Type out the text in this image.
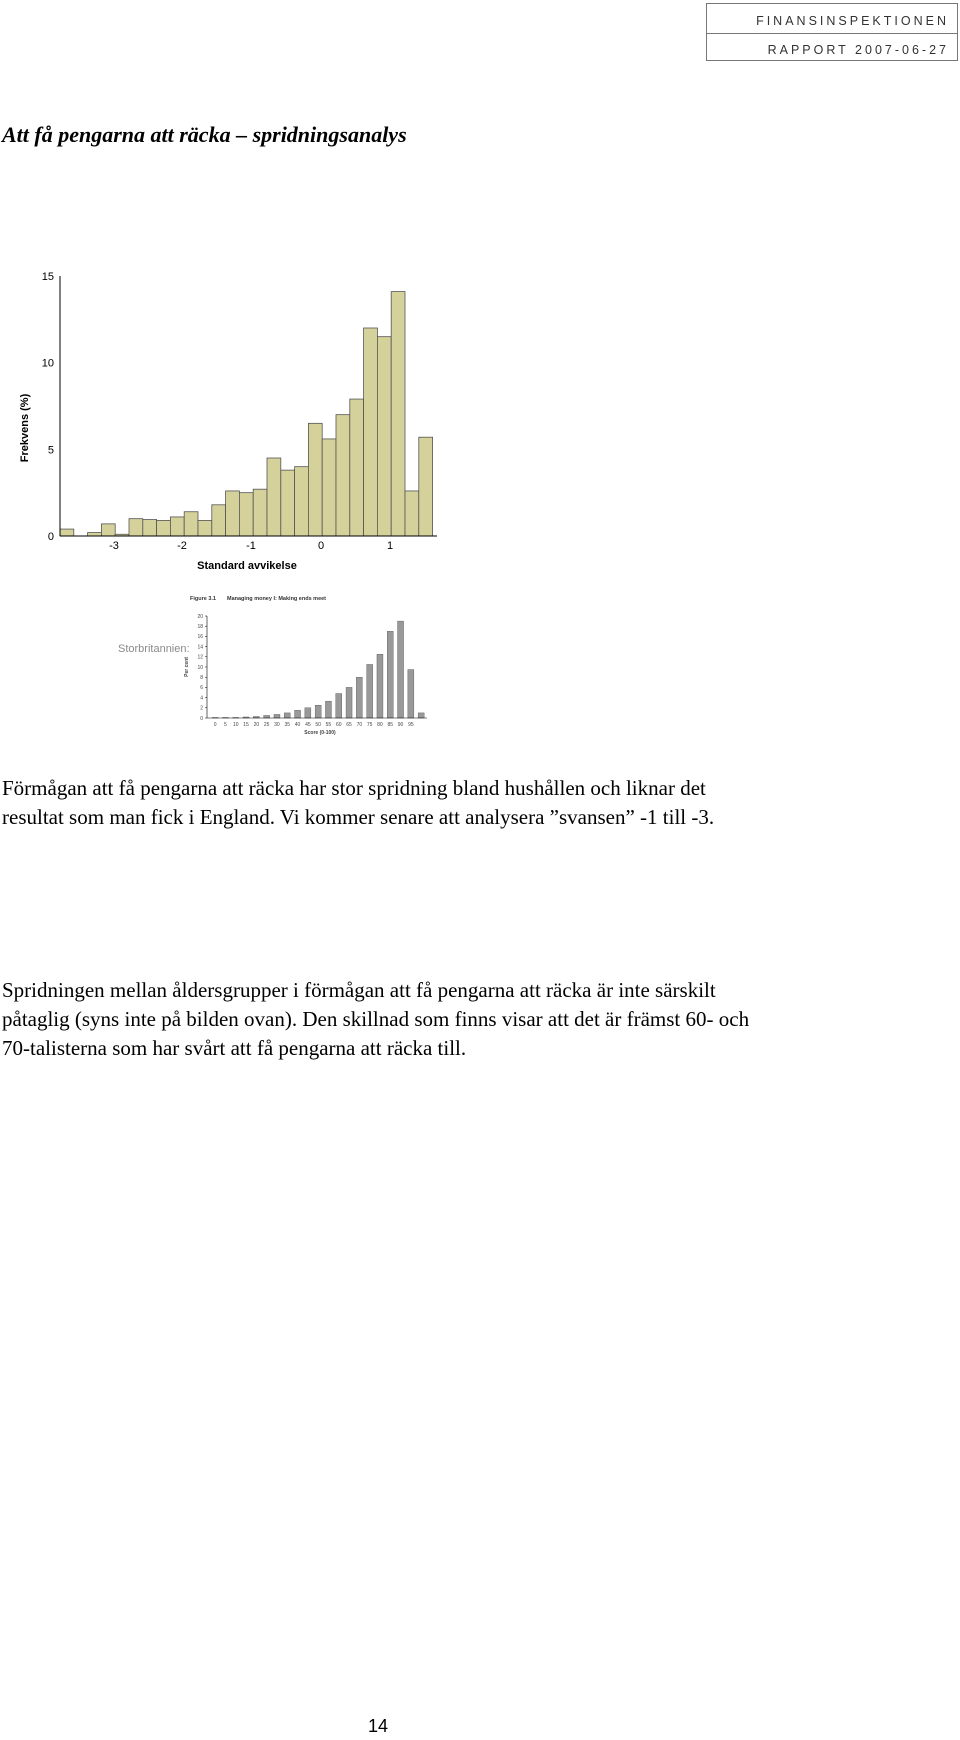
FINANSINSPEKTIONEN
RAPPORT 2007-06-27
Att få pengarna att räcka – spridningsanalys
0
5
10
15
-3	-2	-1	0	1
Frekvens (%)
Standard avvikelse
Storbritannien:
Figure 3.1 Managing money I: Making ends meet
0
2
4
6
8
10
12
14
16
18
20
0 5 10 15 20 25 30 35 40 45 50 55 60 65 70 75 80 85 90 95
Per cent
Score (0-100)

Förmågan att få pengarna att räcka har stor spridning bland hushållen och liknar det resultat som man fick i England. Vi kommer senare att analysera ”svansen” -1 till -3.

Spridningen mellan åldersgrupper i förmågan att få pengarna att räcka är inte särskilt påtaglig (syns inte på bilden ovan). Den skillnad som finns visar att det är främst 60- och 70-talisterna som har svårt att få pengarna att räcka till.

14
